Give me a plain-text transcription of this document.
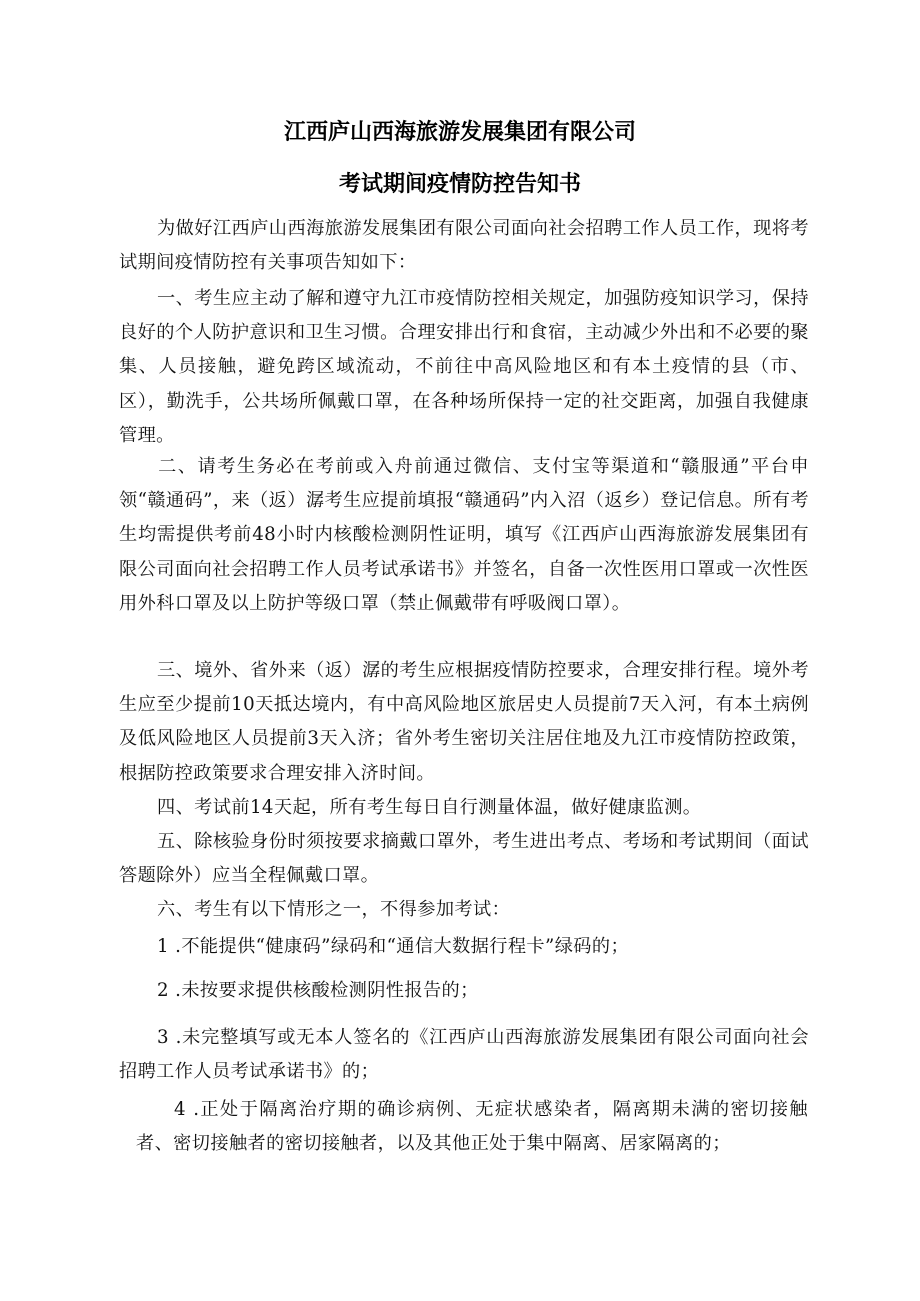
江西庐山西海旅游发展集团有限公司
考试期间疫情防控告知书
为做好江西庐山西海旅游发展集团有限公司面向社会招聘工作人员工作，现将考试期间疫情防控有关事项告知如下：
一、考生应主动了解和遵守九江市疫情防控相关规定，加强防疫知识学习，保持良好的个人防护意识和卫生习惯。合理安排出行和食宿，主动减少外出和不必要的聚集、人员接触，避免跨区域流动，不前往中高风险地区和有本土疫情的县（市、区），勤洗手，公共场所佩戴口罩，在各种场所保持一定的社交距离，加强自我健康管理。
二、请考生务必在考前或入舟前通过微信、支付宝等渠道和“赣服通”平台申领“赣通码”，来（返）潺考生应提前填报“赣通码”内入沼（返乡）登记信息。所有考生均需提供考前48小时内核酸检测阴性证明，填写《江西庐山西海旅游发展集团有限公司面向社会招聘工作人员考试承诺书》并签名，自备一次性医用口罩或一次性医用外科口罩及以上防护等级口罩（禁止佩戴带有呼吸阀口罩）。
三、境外、省外来（返）潺的考生应根据疫情防控要求，合理安排行程。境外考生应至少提前10天抵达境内，有中高风险地区旅居史人员提前7天入河，有本土病例及低风险地区人员提前3天入济；省外考生密切关注居住地及九江市疫情防控政策，根据防控政策要求合理安排入济时间。
四、考试前14天起，所有考生每日自行测量体温，做好健康监测。
五、除核验身份时须按要求摘戴口罩外，考生进出考点、考场和考试期间（面试答题除外）应当全程佩戴口罩。
六、考生有以下情形之一，不得参加考试：
1 .不能提供“健康码”绿码和“通信大数据行程卡”绿码的；
2 .未按要求提供核酸检测阴性报告的；
3 .未完整填写或无本人签名的《江西庐山西海旅游发展集团有限公司面向社会招聘工作人员考试承诺书》的；
4 .正处于隔离治疗期的确诊病例、无症状感染者，隔离期未满的密切接触者、密切接触者的密切接触者，以及其他正处于集中隔离、居家隔离的；
